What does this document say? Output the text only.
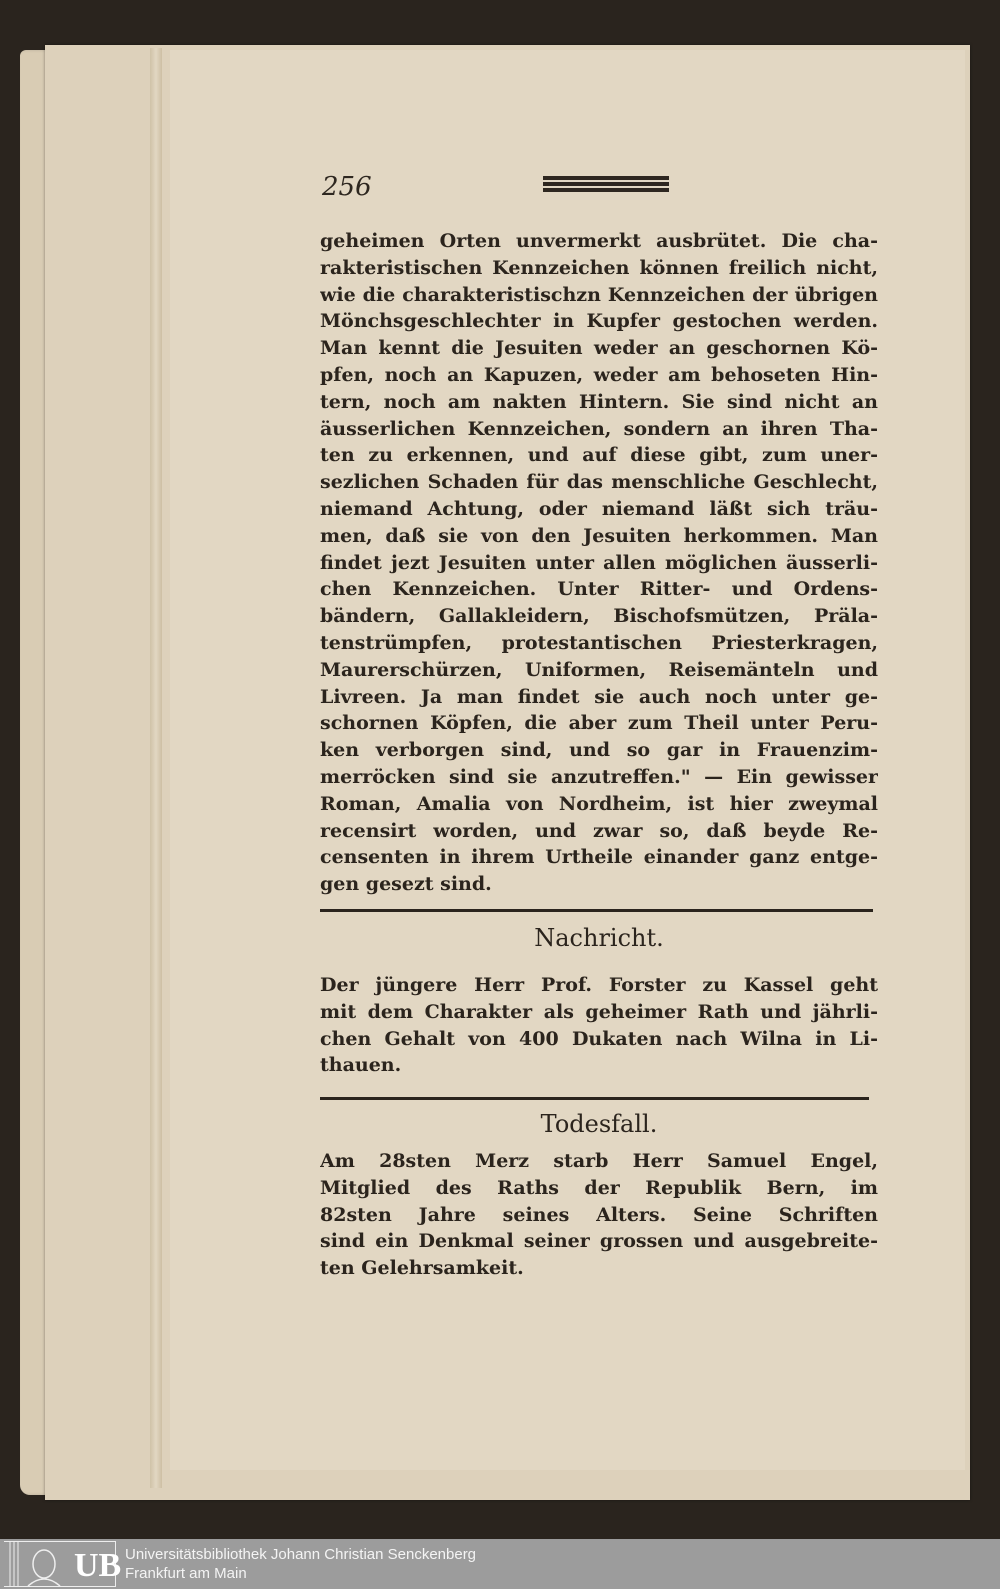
256
geheimen Orten unvermerkt ausbrütet. Die cha-
rakteristischen Kennzeichen können freilich nicht,
wie die charakteristischzn Kennzeichen der übrigen
Mönchsgeschlechter in Kupfer gestochen werden.
Man kennt die Jesuiten weder an geschornen Kö-
pfen, noch an Kapuzen, weder am behoseten Hin-
tern, noch am nakten Hintern. Sie sind nicht an
äusserlichen Kennzeichen, sondern an ihren Tha-
ten zu erkennen, und auf diese gibt, zum uner-
sezlichen Schaden für das menschliche Geschlecht,
niemand Achtung, oder niemand läßt sich träu-
men, daß sie von den Jesuiten herkommen. Man
findet jezt Jesuiten unter allen möglichen äusserli-
chen Kennzeichen. Unter Ritter- und Ordens-
bändern, Gallakleidern, Bischofsmützen, Präla-
tenstrümpfen, protestantischen Priesterkragen,
Maurerschürzen, Uniformen, Reisemänteln und
Livreen. Ja man findet sie auch noch unter ge-
schornen Köpfen, die aber zum Theil unter Peru-
ken verborgen sind, und so gar in Frauenzim-
merröcken sind sie anzutreffen." — Ein gewisser
Roman, Amalia von Nordheim, ist hier zweymal
recensirt worden, und zwar so, daß beyde Re-
censenten in ihrem Urtheile einander ganz entge-
gen gesezt sind.
Nachricht.
Der jüngere Herr Prof. Forster zu Kassel geht
mit dem Charakter als geheimer Rath und jährli-
chen Gehalt von 400 Dukaten nach Wilna in Li-
thauen.
Todesfall.
Am 28sten Merz starb Herr Samuel Engel,
Mitglied des Raths der Republik Bern, im
82sten Jahre seines Alters. Seine Schriften
sind ein Denkmal seiner grossen und ausgebreite-
ten Gelehrsamkeit.
UB Universitätsbibliothek Johann Christian Senckenberg
Frankfurt am Main
